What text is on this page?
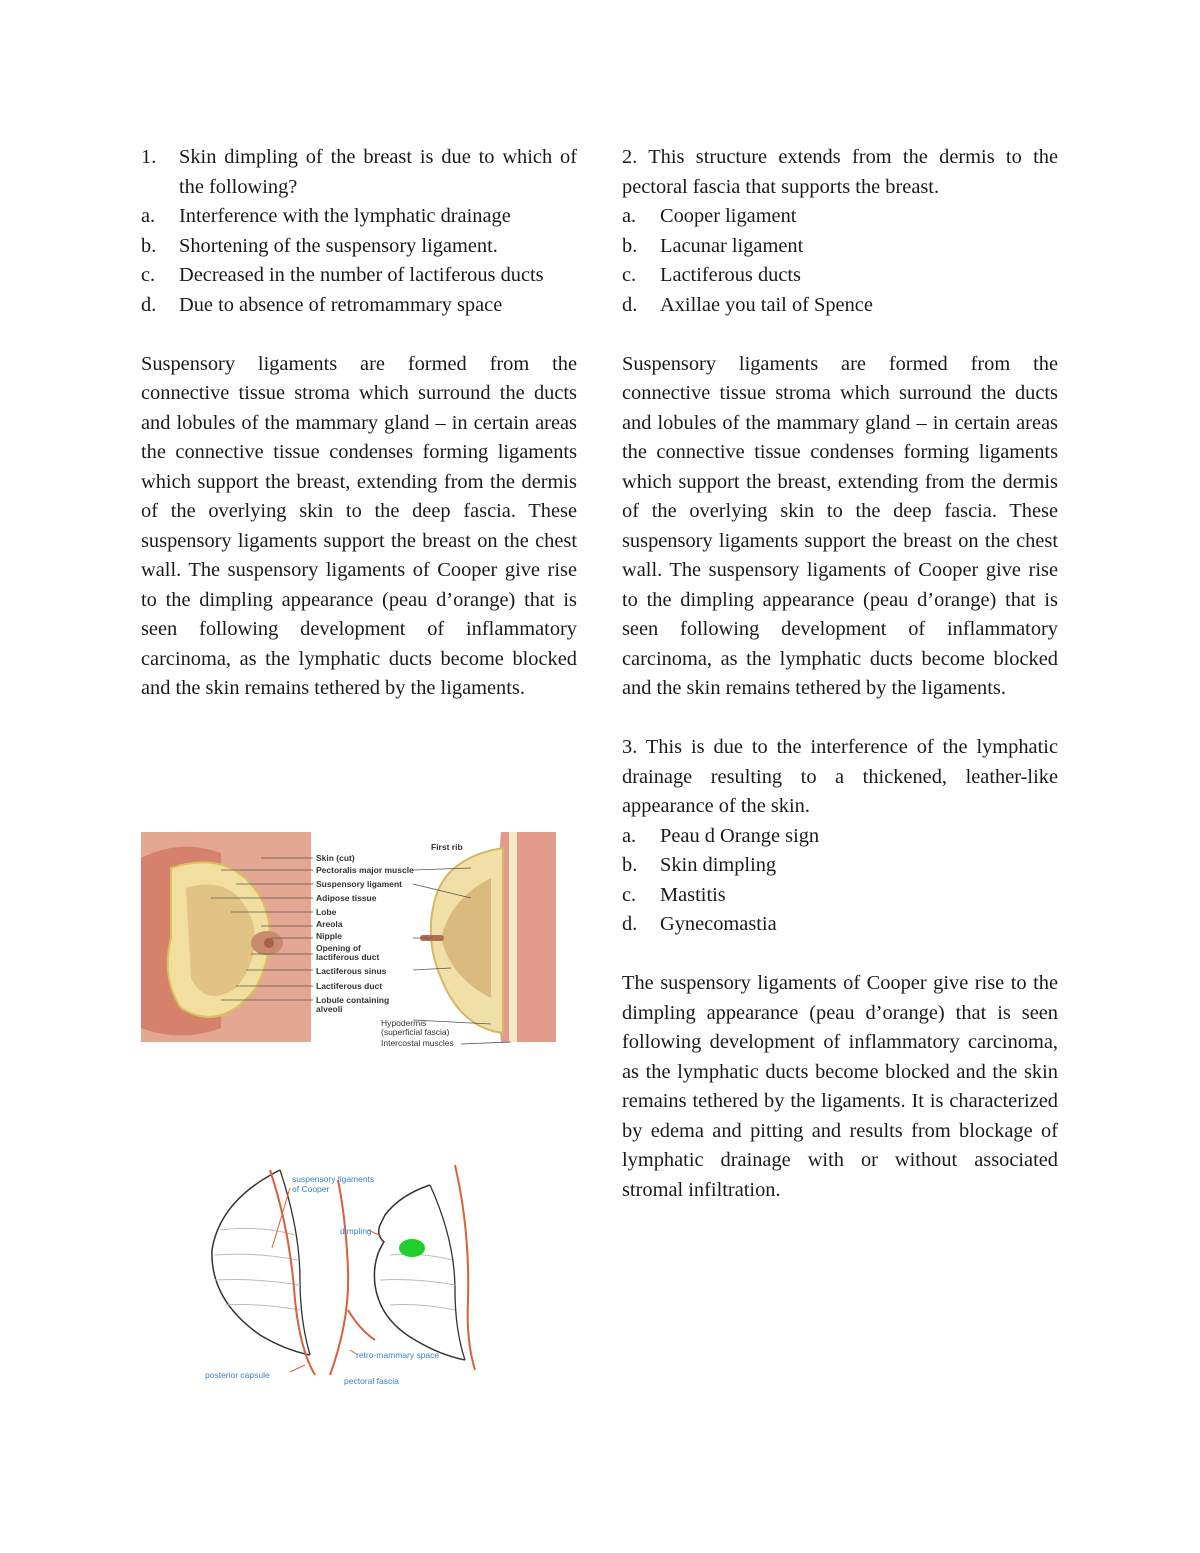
1.	Skin dimpling of the breast is due to which of the following?
a.	Interference with the lymphatic drainage
b.	Shortening of the suspensory ligament.
c.	Decreased in the number of lactiferous ducts
d.	Due to absence of retromammary space

Suspensory ligaments are formed from the connective tissue stroma which surround the ducts and lobules of the mammary gland – in certain areas the connective tissue condenses forming ligaments which support the breast, extending from the dermis of the overlying skin to the deep fascia. These suspensory ligaments support the breast on the chest wall. The suspensory ligaments of Cooper give rise to the dimpling appearance (peau d’orange) that is seen following development of inflammatory carcinoma, as the lymphatic ducts become blocked and the skin remains tethered by the ligaments.

2. This structure extends from the dermis to the pectoral fascia that supports the breast.

a.	Cooper ligament
b.	Lacunar ligament
c.	Lactiferous ducts
d.	Axillae you tail of Spence

Suspensory ligaments are formed from the connective tissue stroma which surround the ducts and lobules of the mammary gland – in certain areas the connective tissue condenses forming ligaments which support the breast, extending from the dermis of the overlying skin to the deep fascia. These suspensory ligaments support the breast on the chest wall. The suspensory ligaments of Cooper give rise to the dimpling appearance (peau d’orange) that is seen following development of inflammatory carcinoma, as the lymphatic ducts become blocked and the skin remains tethered by the ligaments.

3. This is due to the interference of the lymphatic drainage resulting to a thickened, leather-like appearance of the skin.

a.	Peau d Orange sign
b.	Skin dimpling
c.	Mastitis
d.	Gynecomastia

The suspensory ligaments of Cooper give rise to the dimpling appearance (peau d’orange) that is seen following development of inflammatory carcinoma, as the lymphatic ducts become blocked and the skin remains tethered by the ligaments. It is characterized by edema and pitting and results from blockage of lymphatic drainage with or without associated stromal infiltration.

First rib
Skin (cut)
Pectoralis major muscle
Suspensory ligament
Adipose tissue
Lobe
Areola
Nipple
Opening of
lactiferous duct
Lactiferous sinus
Lactiferous duct
Lobule containing
alveoli
Hypodermis
(superficial fascia)
Intercostal muscles
suspensory ligaments
of Cooper
dimpling
retro-mammary space
posterior capsule
pectoral fascia
